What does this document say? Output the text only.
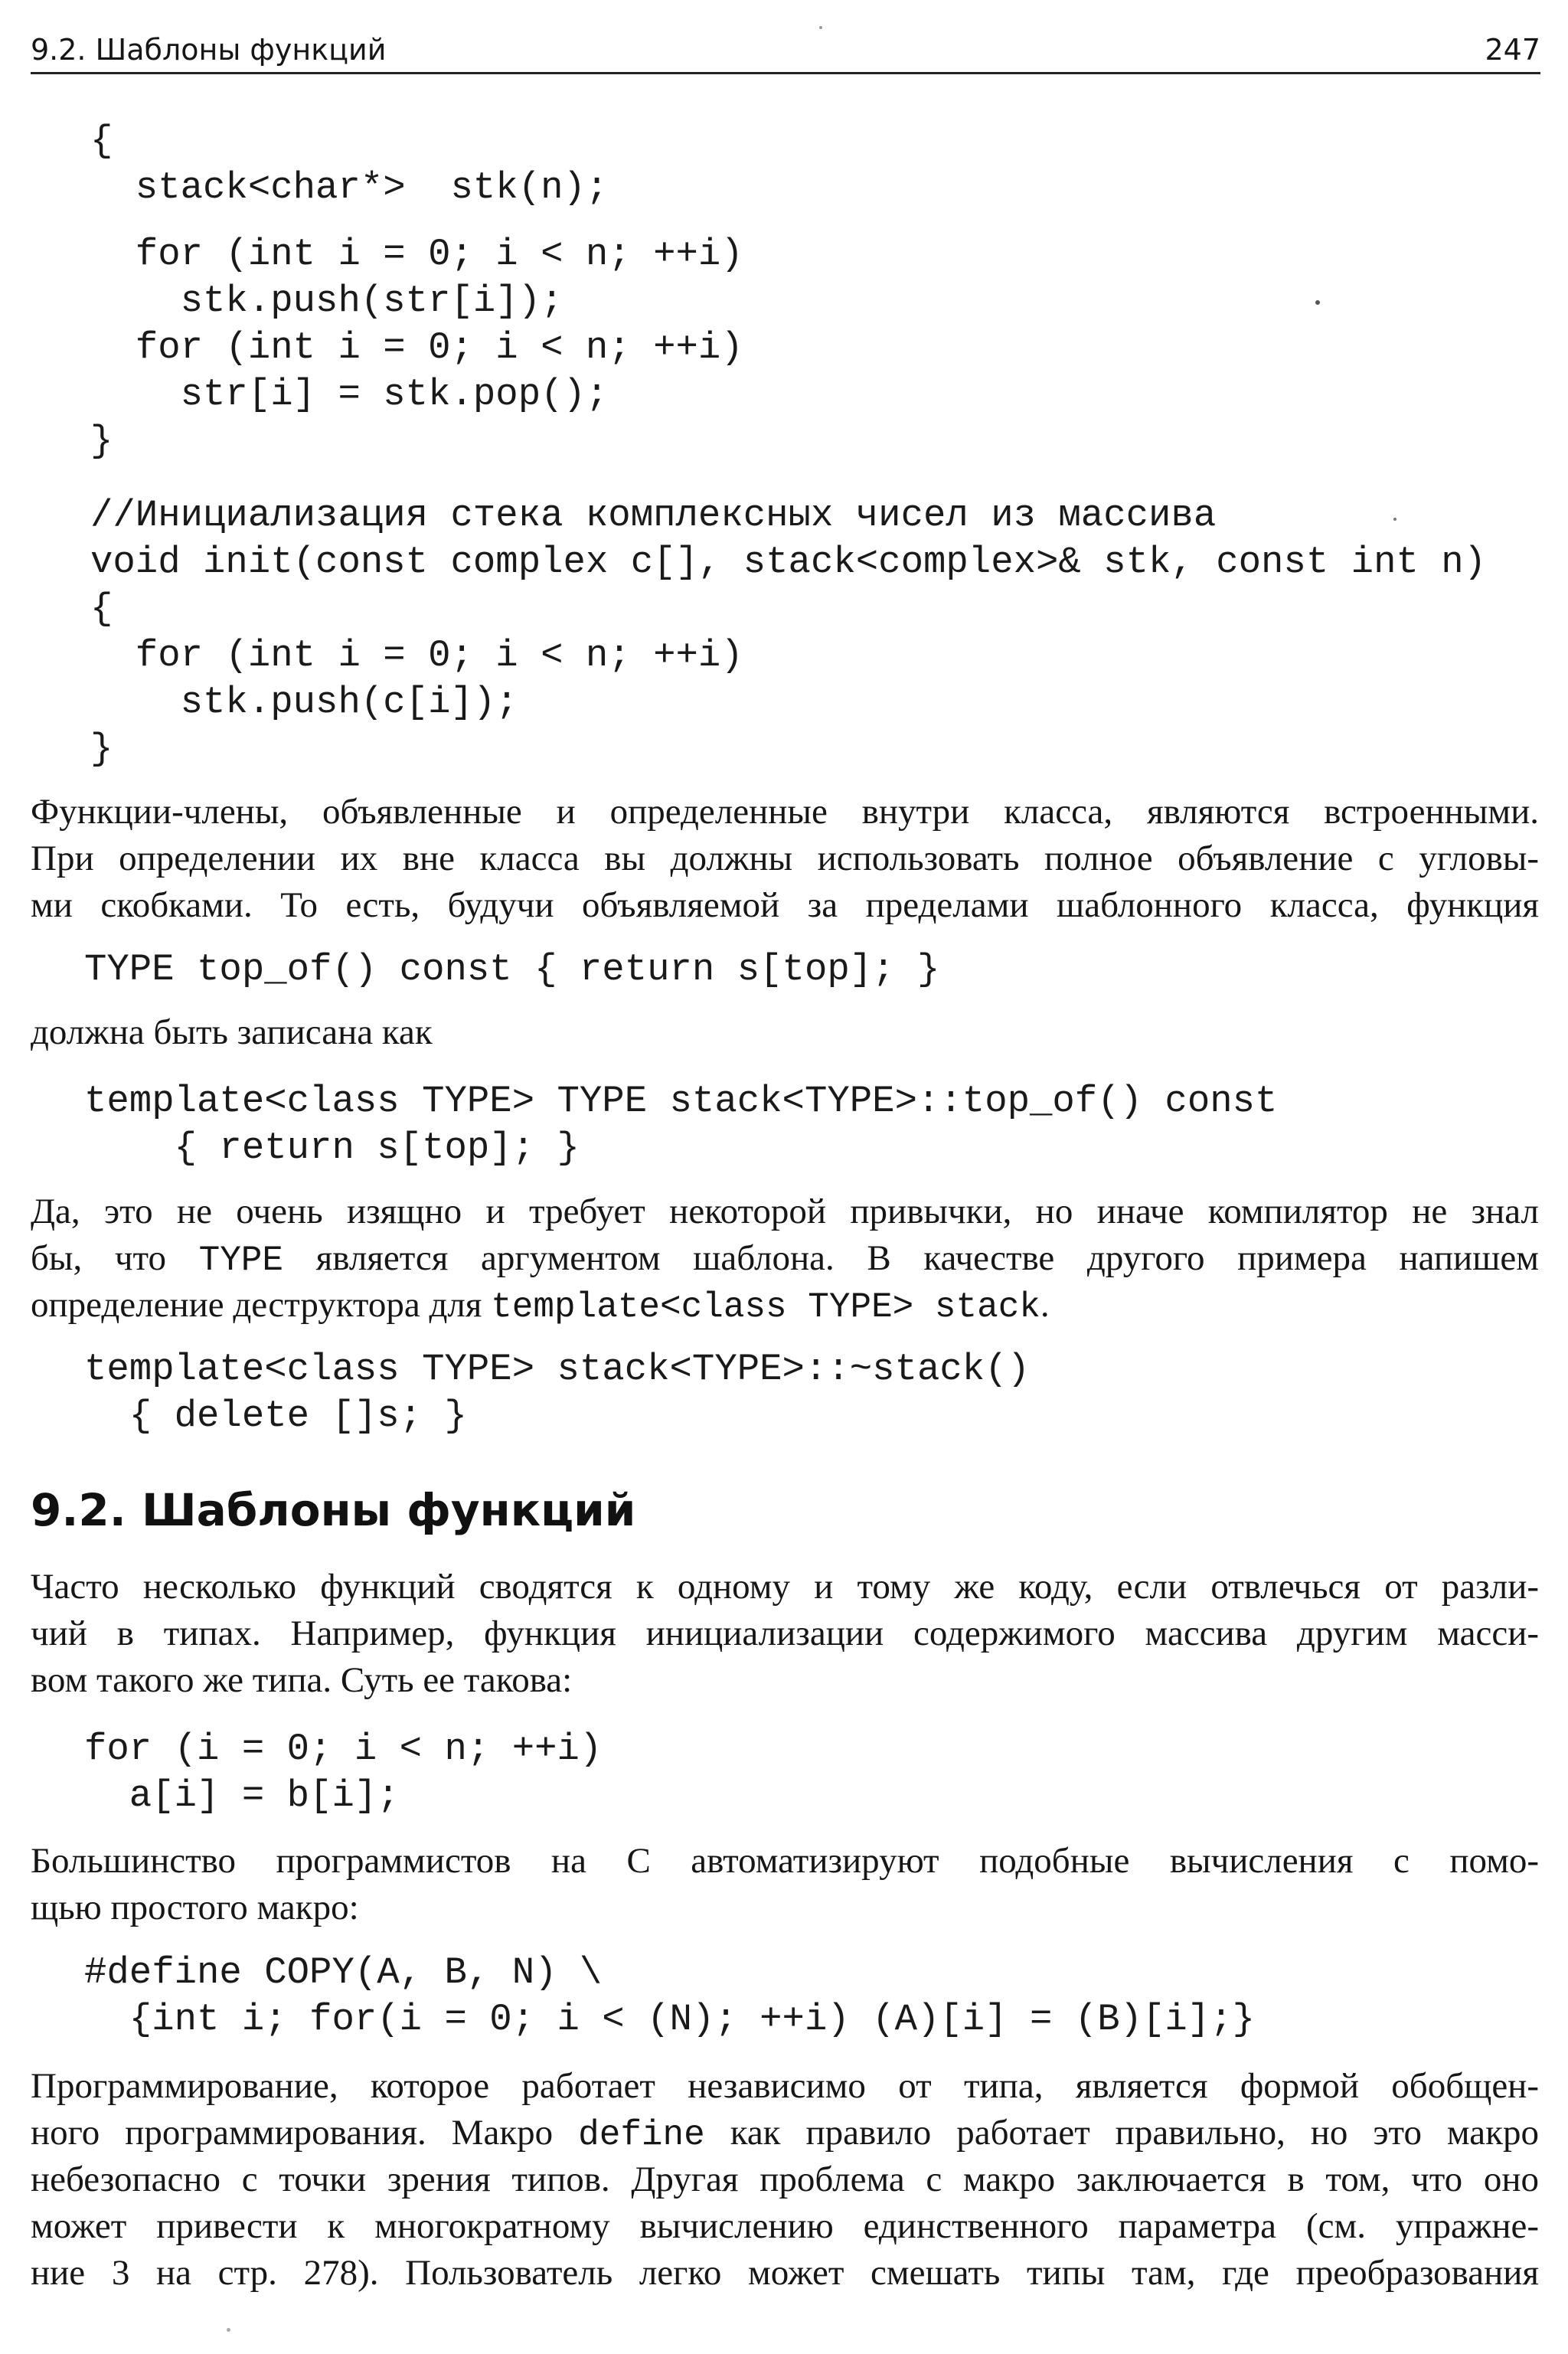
9.2. Шаблоны функций	247
{
stack<char*>  stk(n);
for (int i = 0; i < n; ++i)
stk.push(str[i]);
for (int i = 0; i < n; ++i)
str[i] = stk.pop();
}
//Инициализация стека комплексных чисел из массива
void init(const complex c[], stack<complex>& stk, const int n)
{
for (int i = 0; i < n; ++i)
stk.push(c[i]);
}
Функции-члены, объявленные и определенные внутри класса, являются встроенными.
При определении их вне класса вы должны использовать полное объявление с угловы-
ми скобками. То есть, будучи объявляемой за пределами шаблонного класса, функция
TYPE top_of() const { return s[top]; }
должна быть записана как
template<class TYPE> TYPE stack<TYPE>::top_of() const
{ return s[top]; }
Да, это не очень изящно и требует некоторой привычки, но иначе компилятор не знал
бы, что TYPE является аргументом шаблона. В качестве другого примера напишем
определение деструктора для template<class TYPE> stack.
template<class TYPE> stack<TYPE>::~stack()
{ delete []s; }
9.2. Шаблоны функций
Часто несколько функций сводятся к одному и тому же коду, если отвлечься от разли-
чий в типах. Например, функция инициализации содержимого массива другим масси-
вом такого же типа. Суть ее такова:
for (i = 0; i < n; ++i)
a[i] = b[i];
Большинство программистов на С автоматизируют подобные вычисления с помо-
щью простого макро:
#define COPY(A, B, N) \
{int i; for(i = 0; i < (N); ++i) (A)[i] = (B)[i];}
Программирование, которое работает независимо от типа, является формой обобщен-
ного программирования. Макро define как правило работает правильно, но это макро
небезопасно с точки зрения типов. Другая проблема с макро заключается в том, что оно
может привести к многократному вычислению единственного параметра (см. упражне-
ние 3 на стр. 278). Пользователь легко может смешать типы там, где преобразования
